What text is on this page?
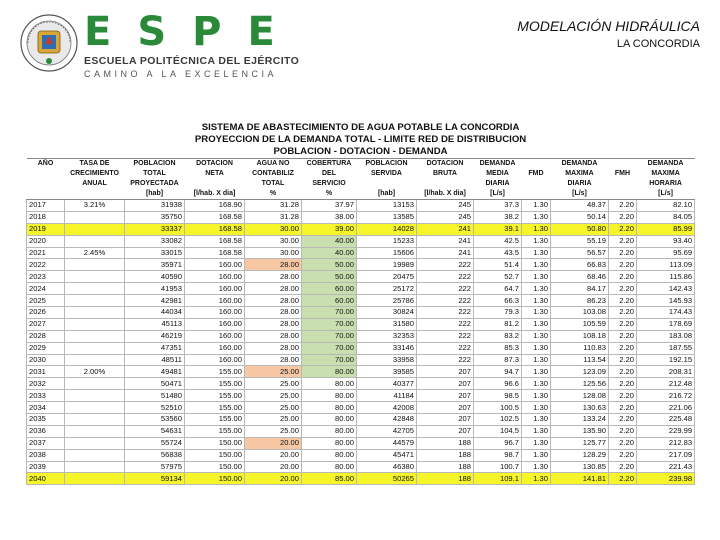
E S P E
ESCUELA POLITÉCNICA DEL EJÉRCITO
CAMINO A LA EXCELENCIA
MODELACIÓN HIDRÁULICA
LA CONCORDIA
SISTEMA DE ABASTECIMIENTO DE AGUA POTABLE LA CONCORDIA												
PROYECCION DE LA DEMANDA TOTAL - LIMITE RED DE DISTRIBUCION												
POBLACION - DOTACION - DEMANDA												
AÑO	TASA DE	POBLACION	DOTACION	AGUA NO	COBERTURA	POBLACION	DOTACION	DEMANDA		DEMANDA		DEMANDA
	CRECIMIENTO	TOTAL	NETA	CONTABILIZ	DEL	SERVIDA	BRUTA	MEDIA	FMD	MAXIMA	FMH	MAXIMA
	ANUAL	PROYECTADA		TOTAL	SERVICIO			DIARIA		DIARIA		HORARIA
		[hab]	[l/hab. X dia]	%	%	[hab]	[l/hab. X dia]	[L/s]		[L/s]		[L/s]
2017	3.21%	31938	168.90	31.28	37.97	13153	245	37.3	1.30	48.37	2.20	82.10
2018		35750	168.58	31.28	38.00	13585	245	38.2	1.30	50.14	2.20	84.05
2019		33337	168.58	30.00	39.00	14028	241	39.1	1.30	50.80	2.20	85.99
2020		33082	168.58	30.00	40.00	15233	241	42.5	1.30	55.19	2.20	93.40
2021	2.45%	33015	168.58	30.00	40.00	15606	241	43.5	1.30	56.57	2.20	95.69
2022		35971	160.00	28.00	50.00	19989	222	51.4	1.30	66.83	2.20	113.09
2023		40590	160.00	28.00	50.00	20475	222	52.7	1.30	68.46	2.20	115.86
2024		41953	160.00	28.00	60.00	25172	222	64.7	1.30	84.17	2.20	142.43
2025		42981	160.00	28.00	60.00	25786	222	66.3	1.30	86.23	2.20	145.93
2026		44034	160.00	28.00	70.00	30824	222	79.3	1.30	103.08	2.20	174.43
2027		45113	160.00	28.00	70.00	31580	222	81.2	1.30	105.59	2.20	178.69
2028		46219	160.00	28.00	70.00	32353	222	83.2	1.30	108.18	2.20	183.08
2029		47351	160.00	28.00	70.00	33146	222	85.3	1.30	110.83	2.20	187.55
2030		48511	160.00	28.00	70.00	33958	222	87.3	1.30	113.54	2.20	192.15
2031	2.00%	49481	155.00	25.00	80.00	39585	207	94.7	1.30	123.09	2.20	208.31
2032		50471	155.00	25.00	80.00	40377	207	96.6	1.30	125.56	2.20	212.48
2033		51480	155.00	25.00	80.00	41184	207	98.5	1.30	128.08	2.20	216.72
2034		52510	155.00	25.00	80.00	42008	207	100.5	1.30	130.63	2.20	221.06
2035		53560	155.00	25.00	80.00	42848	207	102.5	1.30	133.24	2.20	225.48
2036		54631	155.00	25.00	80.00	42705	207	104.5	1.30	135.90	2.20	229.99
2037		55724	150.00	20.00	80.00	44579	188	96.7	1.30	125.77	2.20	212.83
2038		56838	150.00	20.00	80.00	45471	188	98.7	1.30	128.29	2.20	217.09
2039		57975	150.00	20.00	80.00	46380	188	100.7	1.30	130.85	2.20	221.43
2040		59134	150.00	20.00	85.00	50265	188	109.1	1.30	141.81	2.20	239.98
